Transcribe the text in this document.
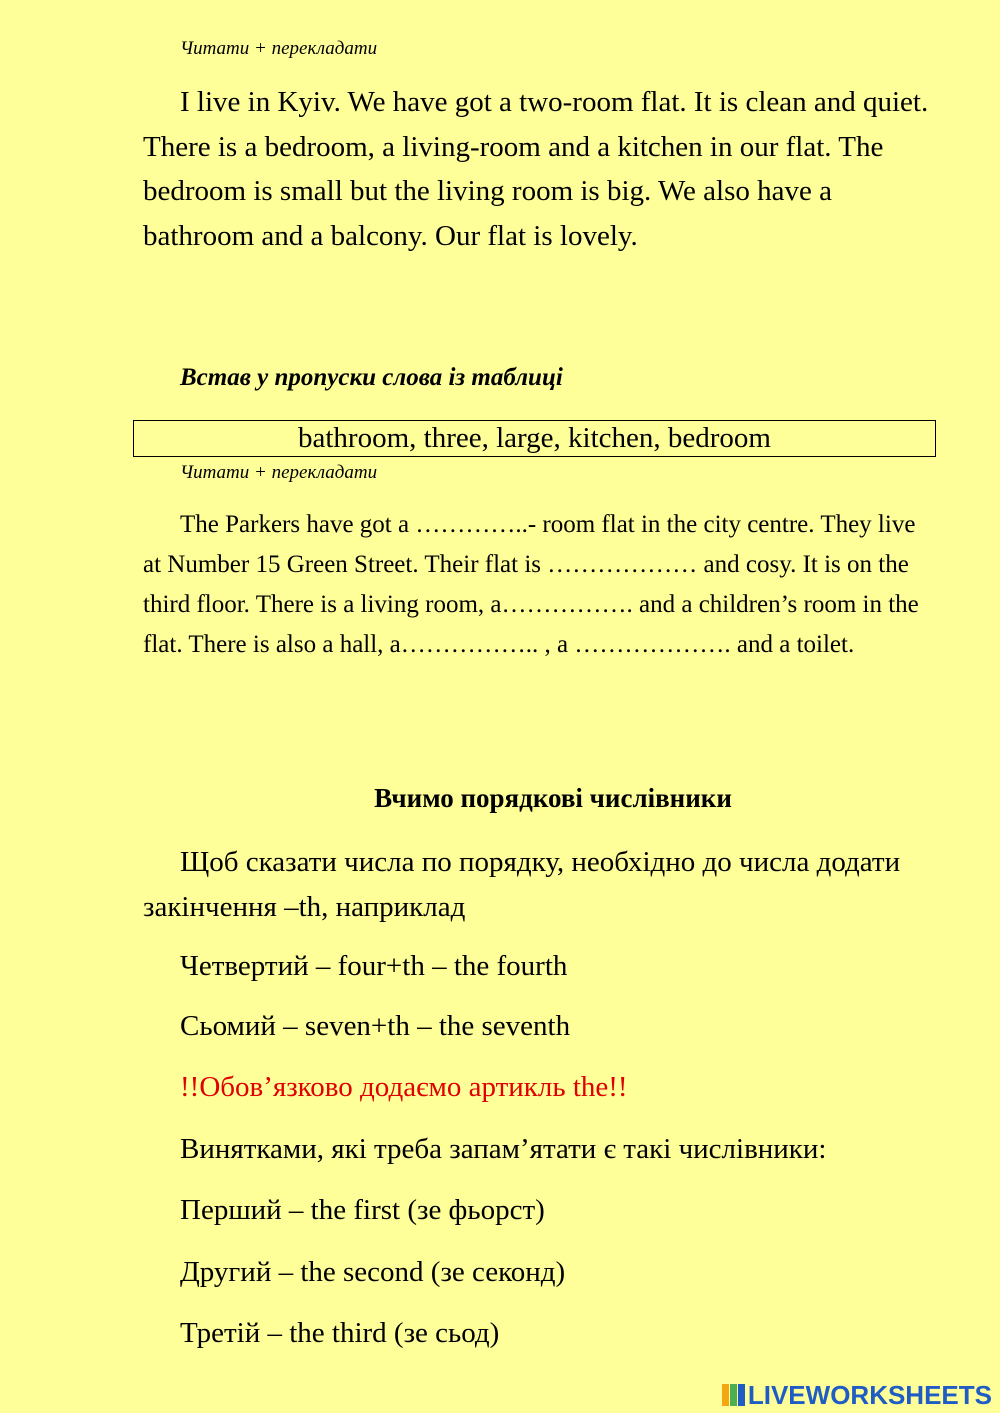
Читати + перекладати

I live in Kyiv. We have got a two-room flat. It is clean and quiet. There is a bedroom, a living-room and a kitchen in our flat. The bedroom is small but the living room is big. We also have a bathroom and a balcony. Our flat is lovely.

Встав у пропуски слова із таблиці
bathroom, three, large, kitchen, bedroom
Читати + перекладати

The Parkers have got a …………..- room flat in the city centre. They live at Number 15 Green Street. Their flat is ……………… and cosy. It is on the third floor. There is a living room, a……………. and a children’s room in the flat. There is also a hall, a…………….. , a ………………. and a toilet.

Вчимо порядкові числівники

Щоб сказати числа по порядку, необхідно до числа додати закінчення –th, наприклад

Четвертий – four+th – the fourth
Сьомий – seven+th – the seventh
!!Обов’язково додаємо артикль the!!
Винятками, які треба запам’ятати є такі числівники:
Перший – the first (зе фьорст)
Другий – the second (зе секонд)
Третій – the third (зе сьод)
LIVEWORKSHEETS
